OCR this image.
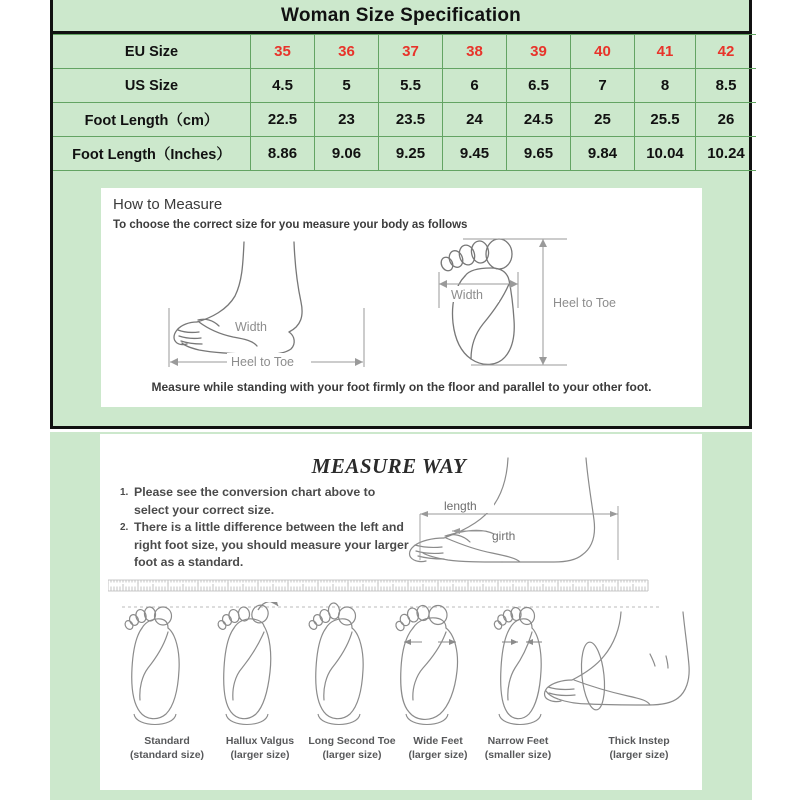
Woman Size Specification
EU Size	35	36	37	38	39	40	41	42
US Size	4.5	5	5.5	6	6.5	7	8	8.5
Foot Length（cm）	22.5	23	23.5	24	24.5	25	25.5	26
Foot Length（Inches）	8.86	9.06	9.25	9.45	9.65	9.84	10.04	10.24
How to Measure
To choose the correct size for you measure your body as follows
Width
Heel to Toe
Width
Heel to Toe
Measure while standing with your foot firmly on the floor and parallel to your other foot.
MEASURE WAY
1. Please see the conversion chart above to select your correct size.
2. There is a little difference between the left and right foot size, you should measure your larger foot as a standard.
length
girth
Standard
(standard size)
Hallux Valgus
(larger size)
Long Second Toe
(larger size)
Wide Feet
(larger size)
Narrow Feet
(smaller size)
Thick Instep
(larger size)
